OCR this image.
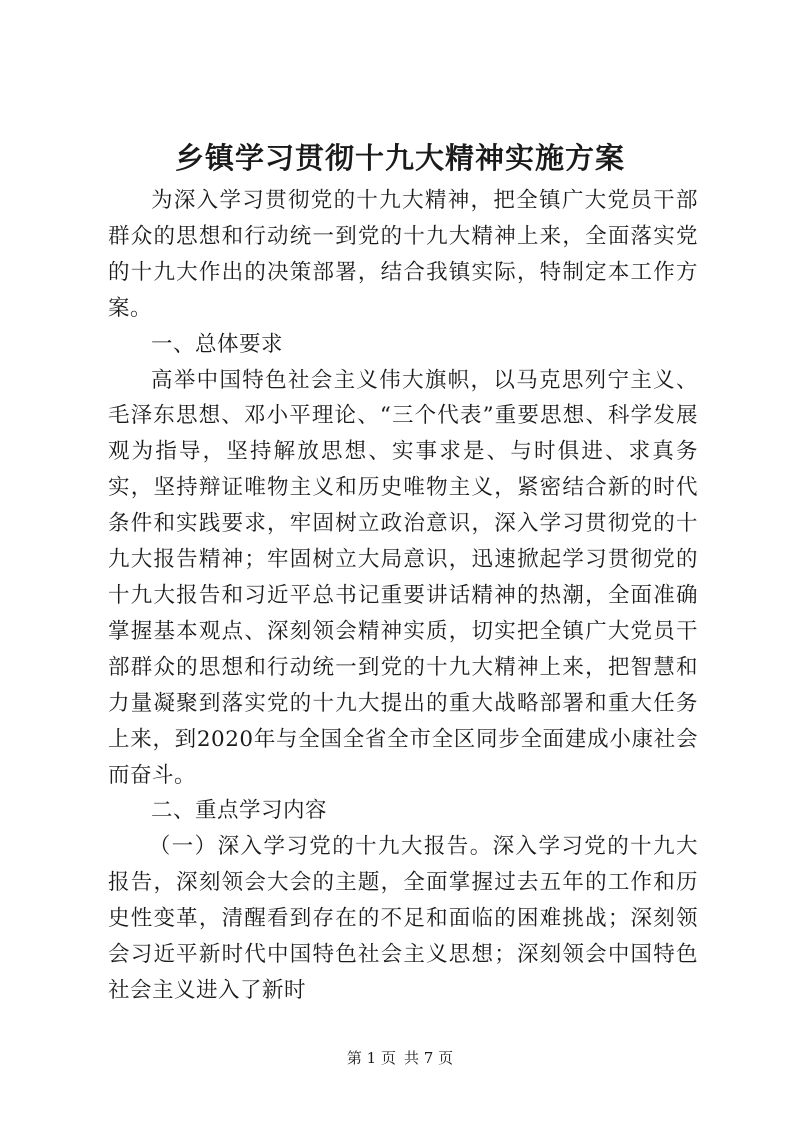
乡镇学习贯彻十九大精神实施方案

为深入学习贯彻党的十九大精神，把全镇广大党员干部群众的思想和行动统一到党的十九大精神上来，全面落实党的十九大作出的决策部署，结合我镇实际，特制定本工作方案。

一、总体要求

高举中国特色社会主义伟大旗帜，以马克思列宁主义、毛泽东思想、邓小平理论、“三个代表”重要思想、科学发展观为指导，坚持解放思想、实事求是、与时俱进、求真务实，坚持辩证唯物主义和历史唯物主义，紧密结合新的时代条件和实践要求，牢固树立政治意识，深入学习贯彻党的十九大报告精神；牢固树立大局意识，迅速掀起学习贯彻党的十九大报告和习近平总书记重要讲话精神的热潮，全面准确掌握基本观点、深刻领会精神实质，切实把全镇广大党员干部群众的思想和行动统一到党的十九大精神上来，把智慧和力量凝聚到落实党的十九大提出的重大战略部署和重大任务上来，到2020年与全国全省全市全区同步全面建成小康社会而奋斗。

二、重点学习内容

（一）深入学习党的十九大报告。深入学习党的十九大报告，深刻领会大会的主题，全面掌握过去五年的工作和历史性变革，清醒看到存在的不足和面临的困难挑战；深刻领会习近平新时代中国特色社会主义思想；深刻领会中国特色社会主义进入了新时

第 1 页 共 7 页
